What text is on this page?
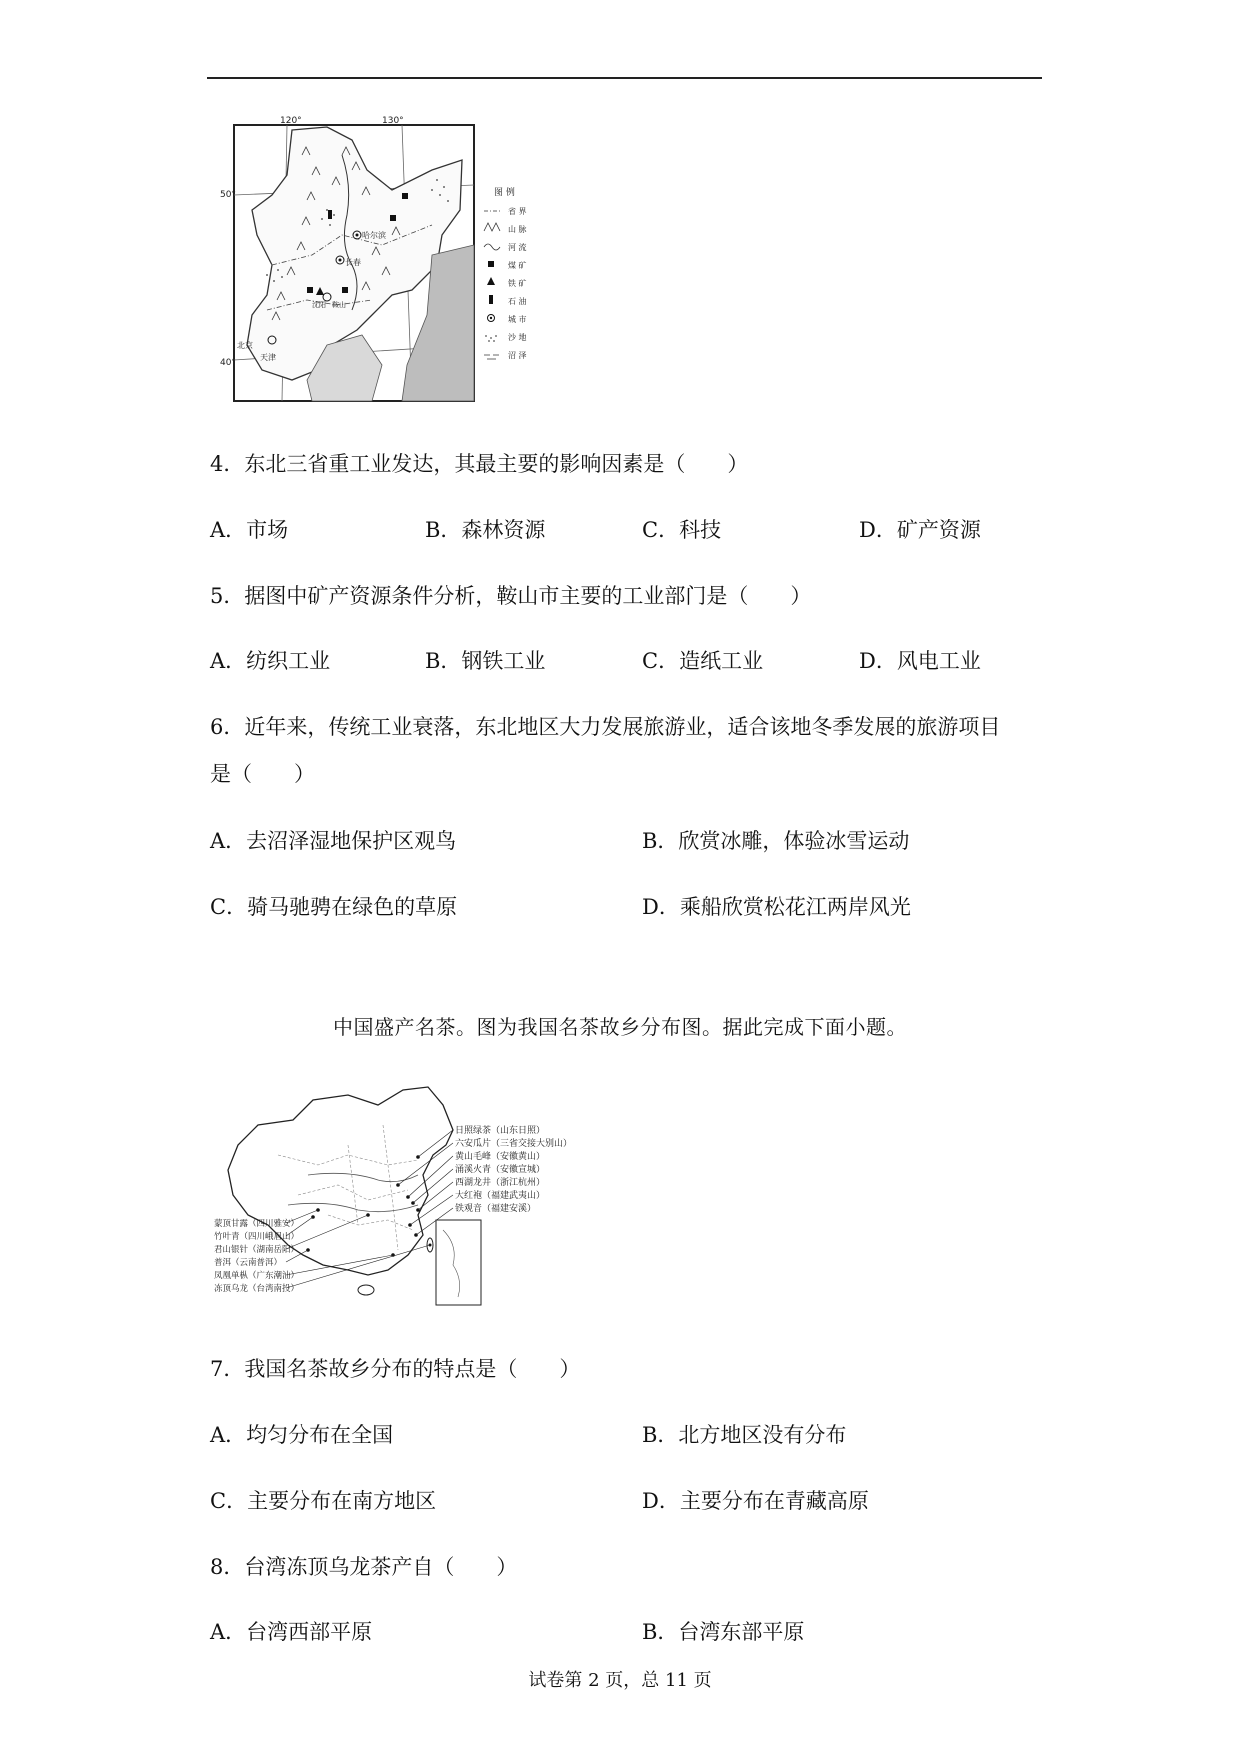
120°	130°
50°
40°
哈尔滨
长春
沈阳 鞍山
北京
天津
图 例
省 界
山 脉
河 流
煤 矿
铁 矿
石 油
城 市
沙 地
沼 泽
4．东北三省重工业发达，其最主要的影响因素是（　　）
A．市场	B．森林资源	C．科技	D．矿产资源
5．据图中矿产资源条件分析，鞍山市主要的工业部门是（　　）
A．纺织工业	B．钢铁工业	C．造纸工业	D．风电工业
6．近年来，传统工业衰落，东北地区大力发展旅游业，适合该地冬季发展的旅游项目
是（　　）
A．去沼泽湿地保护区观鸟	B．欣赏冰雕，体验冰雪运动
C．骑马驰骋在绿色的草原	D．乘船欣赏松花江两岸风光
中国盛产名茶。图为我国名茶故乡分布图。据此完成下面小题。
日照绿茶（山东日照）
六安瓜片（三省交接大别山）
黄山毛峰（安徽黄山）
涌溪火青（安徽宣城）
西湖龙井（浙江杭州）
大红袍（福建武夷山）
铁观音（福建安溪）
蒙顶甘露（四川雅安）
竹叶青（四川峨眉山）
君山银针（湖南岳阳）
普洱（云南普洱）
凤凰单枞（广东潮汕）
冻顶乌龙（台湾南投）
7．我国名茶故乡分布的特点是（　　）
A．均匀分布在全国	B．北方地区没有分布
C．主要分布在南方地区	D．主要分布在青藏高原
8．台湾冻顶乌龙茶产自（　　）
A．台湾西部平原	B．台湾东部平原
试卷第 2 页，总 11 页
